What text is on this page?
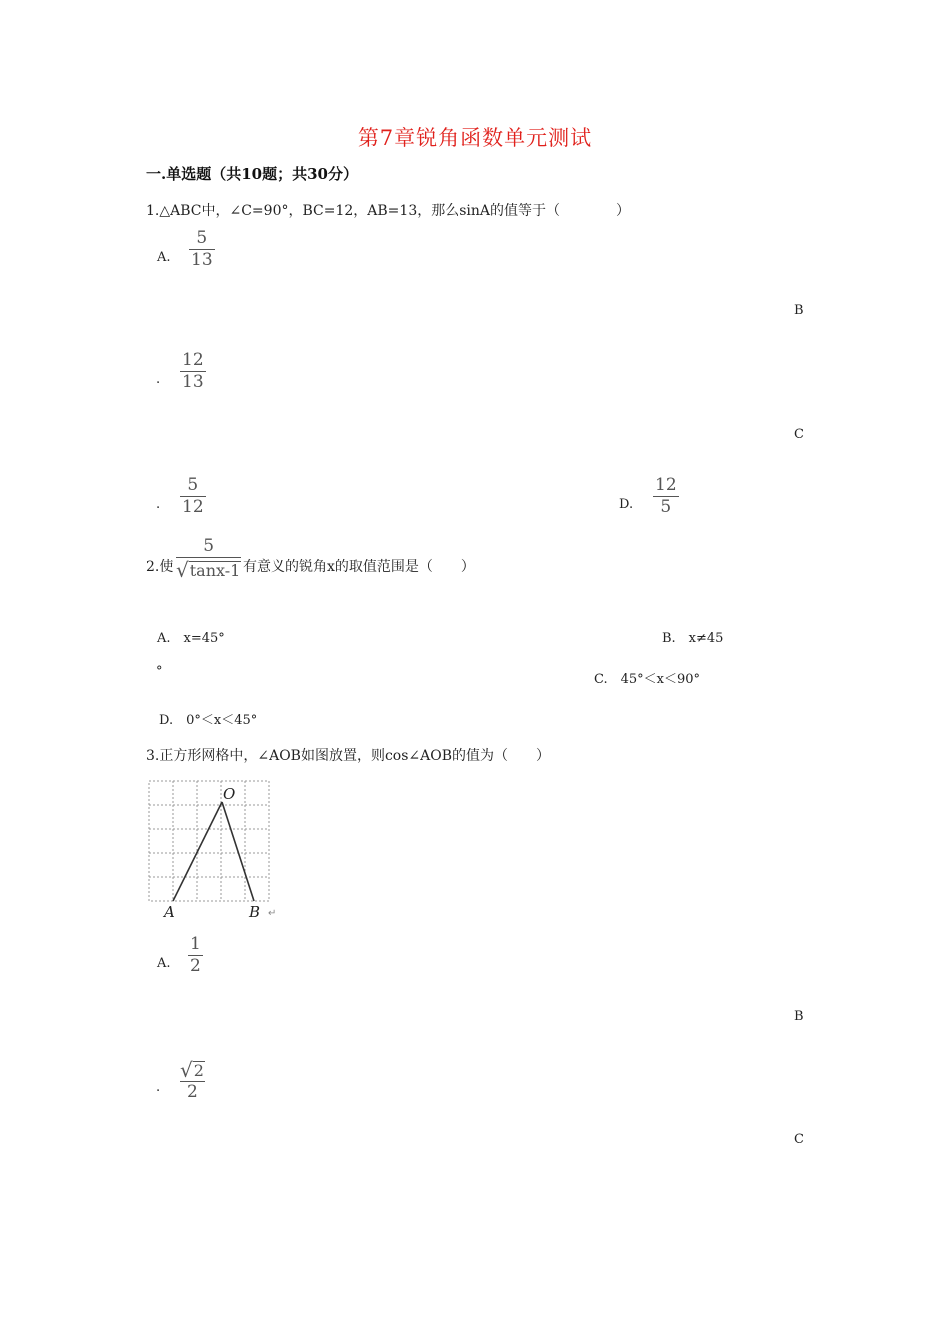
第7章锐角函数单元测试
一.单选题（共10题；共30分）
1.△ABC中，∠C=90°，BC=12，AB=13，那么sinA的值等于（　　　　）
A.
5
13
B
.
12
13
C
.
5
12	D.
12
5
2.使
5
√ tanx-1 有意义的锐角x的取值范围是（　　）
A.　x=45°	B.　x≠45
°
C.　45°＜x＜90°
D.　0°＜x＜45°
3.正方形网格中，∠AOB如图放置，则cos∠AOB的值为（　　）
O
A	B ↵
A.
1
2
B
.
√ 2
2
C
